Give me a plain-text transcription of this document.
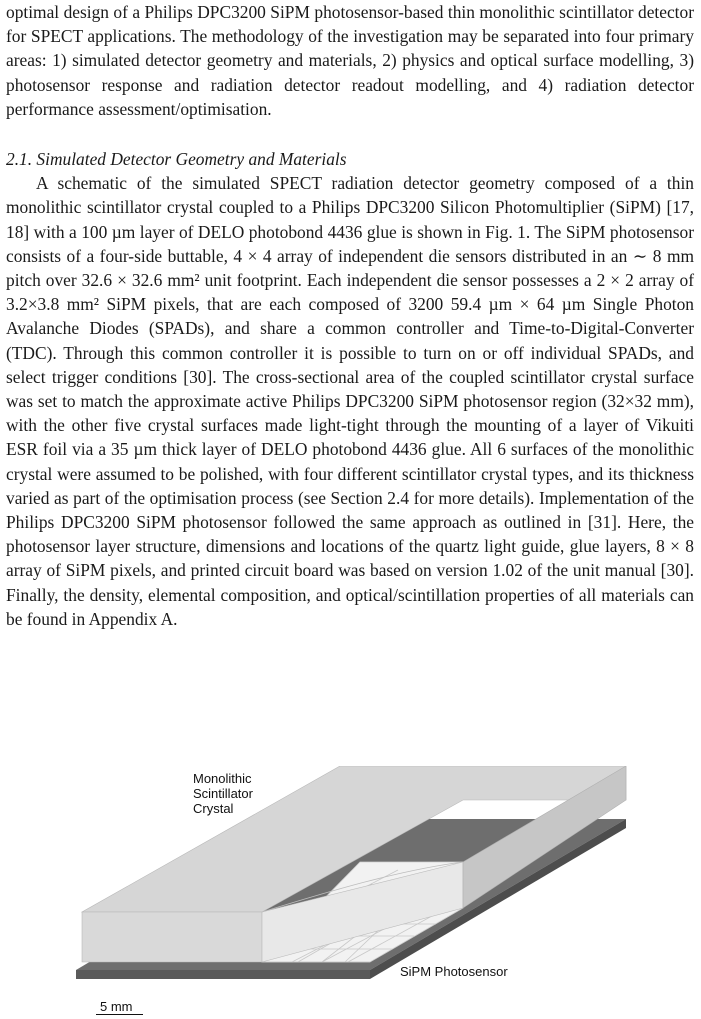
optimal design of a Philips DPC3200 SiPM photosensor-based thin monolithic scintillator detector for SPECT applications. The methodology of the investigation may be separated into four primary areas: 1) simulated detector geometry and materials, 2) physics and optical surface modelling, 3) photosensor response and radiation detector readout modelling, and 4) radiation detector performance assessment/optimisation.

2.1. Simulated Detector Geometry and Materials

A schematic of the simulated SPECT radiation detector geometry composed of a thin monolithic scintillator crystal coupled to a Philips DPC3200 Silicon Photomultiplier (SiPM) [17, 18] with a 100 µm layer of DELO photobond 4436 glue is shown in Fig. 1. The SiPM photosensor consists of a four-side buttable, 4 × 4 array of independent die sensors distributed in an ∼ 8 mm pitch over 32.6 × 32.6 mm² unit footprint. Each independent die sensor possesses a 2 × 2 array of 3.2×3.8 mm² SiPM pixels, that are each composed of 3200 59.4 µm × 64 µm Single Photon Avalanche Diodes (SPADs), and share a common controller and Time-to-Digital-Converter (TDC). Through this common controller it is possible to turn on or off individual SPADs, and select trigger conditions [30]. The cross-sectional area of the coupled scintillator crystal surface was set to match the approximate active Philips DPC3200 SiPM photosensor region (32×32 mm), with the other five crystal surfaces made light-tight through the mounting of a layer of Vikuiti ESR foil via a 35 µm thick layer of DELO photobond 4436 glue. All 6 surfaces of the monolithic crystal were assumed to be polished, with four different scintillator crystal types, and its thickness varied as part of the optimisation process (see Section 2.4 for more details). Implementation of the Philips DPC3200 SiPM photosensor followed the same approach as outlined in [31]. Here, the photosensor layer structure, dimensions and locations of the quartz light guide, glue layers, 8 × 8 array of SiPM pixels, and printed circuit board was based on version 1.02 of the unit manual [30]. Finally, the density, elemental composition, and optical/scintillation properties of all materials can be found in Appendix A.

Monolithic
Scintillator
Crystal
SiPM Photosensor
5 mm
